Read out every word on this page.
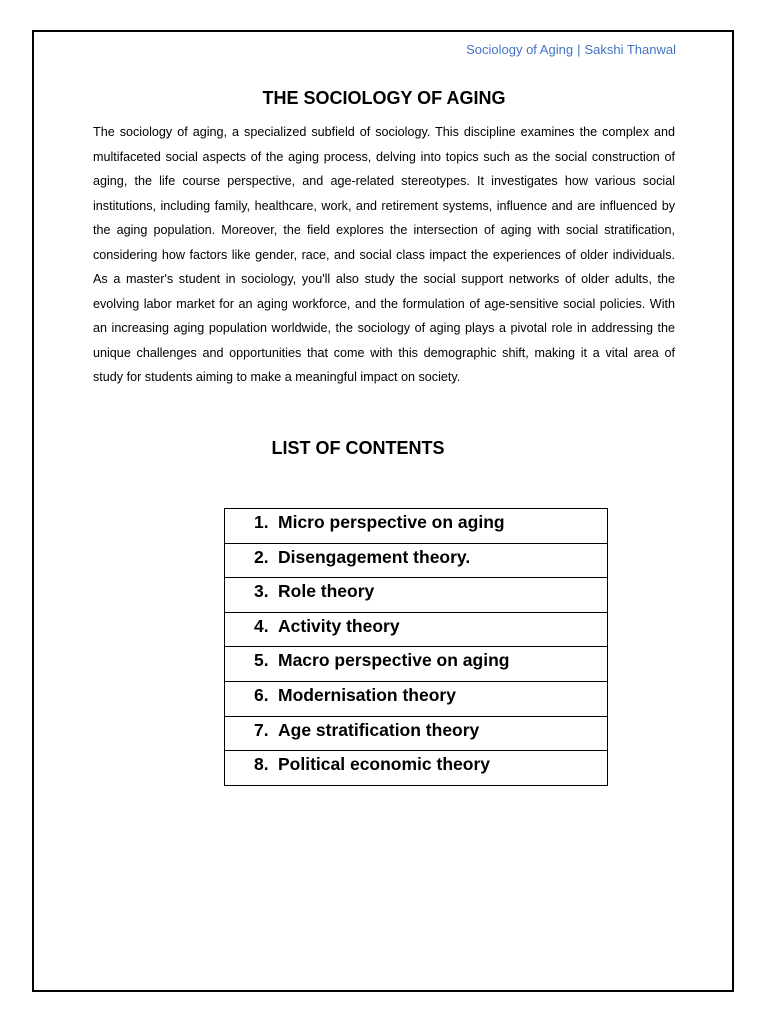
Sociology of Aging | Sakshi Thanwal
THE SOCIOLOGY OF AGING

The sociology of aging, a specialized subfield of sociology. This discipline examines the complex and multifaceted social aspects of the aging process, delving into topics such as the social construction of aging, the life course perspective, and age-related stereotypes. It investigates how various social institutions, including family, healthcare, work, and retirement systems, influence and are influenced by the aging population. Moreover, the field explores the intersection of aging with social stratification, considering how factors like gender, race, and social class impact the experiences of older individuals. As a master's student in sociology, you'll also study the social support networks of older adults, the evolving labor market for an aging workforce, and the formulation of age-sensitive social policies. With an increasing aging population worldwide, the sociology of aging plays a pivotal role in addressing the unique challenges and opportunities that come with this demographic shift, making it a vital area of study for students aiming to make a meaningful impact on society.

LIST OF CONTENTS
1. Micro perspective on aging
2. Disengagement theory.
3. Role theory
4. Activity theory
5. Macro perspective on aging
6. Modernisation theory
7. Age stratification theory
8. Political economic theory
